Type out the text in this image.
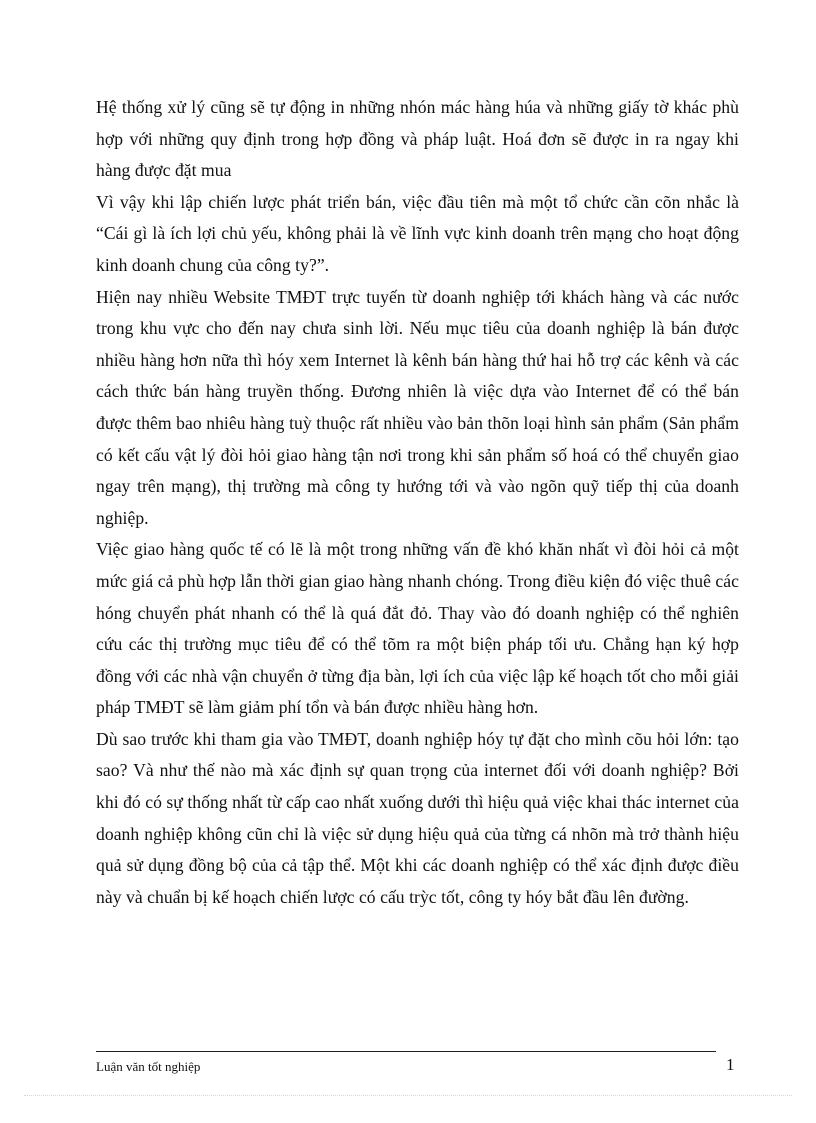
Hệ thống xử lý cũng sẽ tự động in những nhón mác hàng húa và những giấy tờ khác phù hợp với những quy định trong hợp đồng và pháp luật. Hoá đơn sẽ được in ra ngay khi hàng được đặt mua

Vì vậy khi lập chiến lược phát triển bán, việc đầu tiên mà một tổ chức cần cõn nhắc là “Cái gì là ích lợi chủ yếu, không phải là về lĩnh vực kinh doanh trên mạng cho hoạt động kinh doanh chung của công ty?”.

Hiện nay nhiều Website TMĐT trực tuyến từ doanh nghiệp tới khách hàng và các nước trong khu vực cho đến nay chưa sinh lời. Nếu mục tiêu của doanh nghiệp là bán được nhiều hàng hơn nữa thì hóy xem Internet là kênh bán hàng thứ hai hỗ trợ các kênh và các cách thức bán hàng truyền thống. Đương nhiên là việc dựa vào Internet để có thể bán được thêm bao nhiêu hàng tuỳ thuộc rất nhiều vào bản thõn loại hình sản phẩm (Sản phẩm có kết cấu vật lý đòi hỏi giao hàng tận nơi trong khi sản phẩm số hoá có thể chuyển giao ngay trên mạng), thị trường mà công ty hướng tới và vào ngõn quỹ tiếp thị của doanh nghiệp.

Việc giao hàng quốc tế có lẽ là một trong những vấn đề khó khăn nhất vì đòi hỏi cả một mức giá cả phù hợp lẫn thời gian giao hàng nhanh chóng. Trong điều kiện đó việc thuê các hóng chuyển phát nhanh có thể là quá đắt đỏ. Thay vào đó doanh nghiệp có thể nghiên cứu các thị trường mục tiêu để có thể tõm ra một biện pháp tối ưu. Chẳng hạn ký hợp đồng với các nhà vận chuyển ở từng địa bàn, lợi ích của việc lập kế hoạch tốt cho mỗi giải pháp TMĐT sẽ làm giảm phí tổn và bán được nhiều hàng hơn.

Dù sao trước khi tham gia vào TMĐT, doanh nghiệp hóy tự đặt cho mình cõu hỏi lớn: tạo sao? Và như thế nào mà xác định sự quan trọng của internet đối với doanh nghiệp? Bởi khi đó có sự thống nhất từ cấp cao nhất xuống dưới thì hiệu quả việc khai thác internet của doanh nghiệp không cũn chỉ là việc sử dụng hiệu quả của từng cá nhõn mà trở thành hiệu quả sử dụng đồng bộ của cả tập thể. Một khi các doanh nghiệp có thể xác định được điều này và chuẩn bị kế hoạch chiến lược có cấu trỳc tốt, công ty hóy bắt đầu lên đường.

Luận văn tốt nghiệp	1
